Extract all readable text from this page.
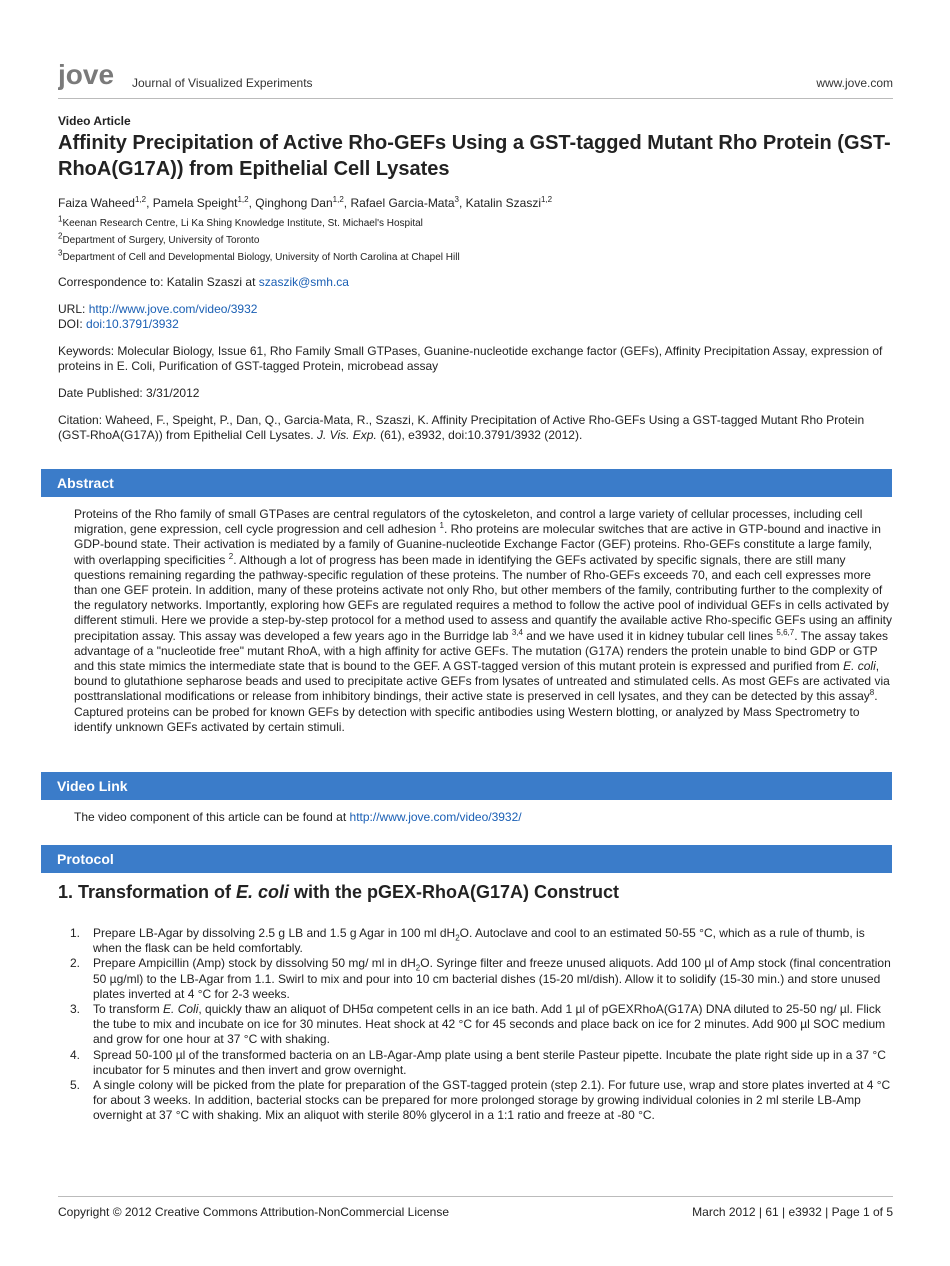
jove Journal of Visualized Experiments	www.jove.com
Video Article
Affinity Precipitation of Active Rho-GEFs Using a GST-tagged Mutant Rho Protein (GST-RhoA(G17A)) from Epithelial Cell Lysates
Faiza Waheed$^{1,2}$, Pamela Speight$^{1,2}$, Qinghong Dan$^{1,2}$, Rafael Garcia-Mata$^3$, Katalin Szaszi$^{1,2}$
$^1$Keenan Research Centre, Li Ka Shing Knowledge Institute, St. Michael's Hospital
$^2$Department of Surgery, University of Toronto
$^3$Department of Cell and Developmental Biology, University of North Carolina at Chapel Hill

Correspondence to: Katalin Szaszi at szaszik@smh.ca

URL: http://www.jove.com/video/3932

DOI: doi:10.3791/3932

Keywords: Molecular Biology, Issue 61, Rho Family Small GTPases, Guanine-nucleotide exchange factor (GEFs), Affinity Precipitation Assay, expression of proteins in E. Coli, Purification of GST-tagged Protein, microbead assay

Date Published: 3/31/2012

Citation: Waheed, F., Speight, P., Dan, Q., Garcia-Mata, R., Szaszi, K. Affinity Precipitation of Active Rho-GEFs Using a GST-tagged Mutant Rho Protein (GST-RhoA(G17A)) from Epithelial Cell Lysates. J. Vis. Exp. (61), e3932, doi:10.3791/3932 (2012).

Abstract
Proteins of the Rho family of small GTPases are central regulators of the cytoskeleton, and control a large variety of cellular processes, including cell migration, gene expression, cell cycle progression and cell adhesion $^1$. Rho proteins are molecular switches that are active in GTP-bound and inactive in GDP-bound state. Their activation is mediated by a family of Guanine-nucleotide Exchange Factor (GEF) proteins. Rho-GEFs constitute a large family, with overlapping specificities $^2$. Although a lot of progress has been made in identifying the GEFs activated by specific signals, there are still many questions remaining regarding the pathway-specific regulation of these proteins. The number of Rho-GEFs exceeds 70, and each cell expresses more than one GEF protein. In addition, many of these proteins activate not only Rho, but other members of the family, contributing further to the complexity of the regulatory networks. Importantly, exploring how GEFs are regulated requires a method to follow the active pool of individual GEFs in cells activated by different stimuli. Here we provide a step-by-step protocol for a method used to assess and quantify the available active Rho-specific GEFs using an affinity precipitation assay. This assay was developed a few years ago in the Burridge lab $^{3,4}$ and we have used it in kidney tubular cell lines $^{5,6,7}$. The assay takes advantage of a "nucleotide free" mutant RhoA, with a high affinity for active GEFs. The mutation (G17A) renders the protein unable to bind GDP or GTP and this state mimics the intermediate state that is bound to the GEF. A GST-tagged version of this mutant protein is expressed and purified from E. coli, bound to glutathione sepharose beads and used to precipitate active GEFs from lysates of untreated and stimulated cells. As most GEFs are activated via posttranslational modifications or release from inhibitory bindings, their active state is preserved in cell lysates, and they can be detected by this assay$^8$. Captured proteins can be probed for known GEFs by detection with specific antibodies using Western blotting, or analyzed by Mass Spectrometry to identify unknown GEFs activated by certain stimuli.
Video Link
The video component of this article can be found at http://www.jove.com/video/3932/
Protocol
1. Transformation of E. coli with the pGEX-RhoA(G17A) Construct
1. Prepare LB-Agar by dissolving 2.5 g LB and 1.5 g Agar in 100 ml $dH_2O$. Autoclave and cool to an estimated 50-55 °C, which as a rule of thumb, is when the flask can be held comfortably.
2. Prepare Ampicillin (Amp) stock by dissolving 50 mg/ ml in $dH_2O$. Syringe filter and freeze unused aliquots. Add 100 µl of Amp stock (final concentration 50 µg/ml) to the LB-Agar from 1.1. Swirl to mix and pour into 10 cm bacterial dishes (15-20 ml/dish). Allow it to solidify (15-30 min.) and store unused plates inverted at 4 °C for 2-3 weeks.
3. To transform E. Coli, quickly thaw an aliquot of DH5α competent cells in an ice bath. Add 1 µl of pGEXRhoA(G17A) DNA diluted to 25-50 ng/ µl. Flick the tube to mix and incubate on ice for 30 minutes. Heat shock at 42 °C for 45 seconds and place back on ice for 2 minutes. Add 900 µl SOC medium and grow for one hour at 37 °C with shaking.
4. Spread 50-100 µl of the transformed bacteria on an LB-Agar-Amp plate using a bent sterile Pasteur pipette. Incubate the plate right side up in a 37 °C incubator for 5 minutes and then invert and grow overnight.
5. A single colony will be picked from the plate for preparation of the GST-tagged protein (step 2.1). For future use, wrap and store plates inverted at 4 °C for about 3 weeks. In addition, bacterial stocks can be prepared for more prolonged storage by growing individual colonies in 2 ml sterile LB-Amp overnight at 37 °C with shaking. Mix an aliquot with sterile 80% glycerol in a 1:1 ratio and freeze at -80 °C.
Copyright © 2012 Creative Commons Attribution-NonCommercial License	March 2012 | 61 | e3932 | Page 1 of 5
